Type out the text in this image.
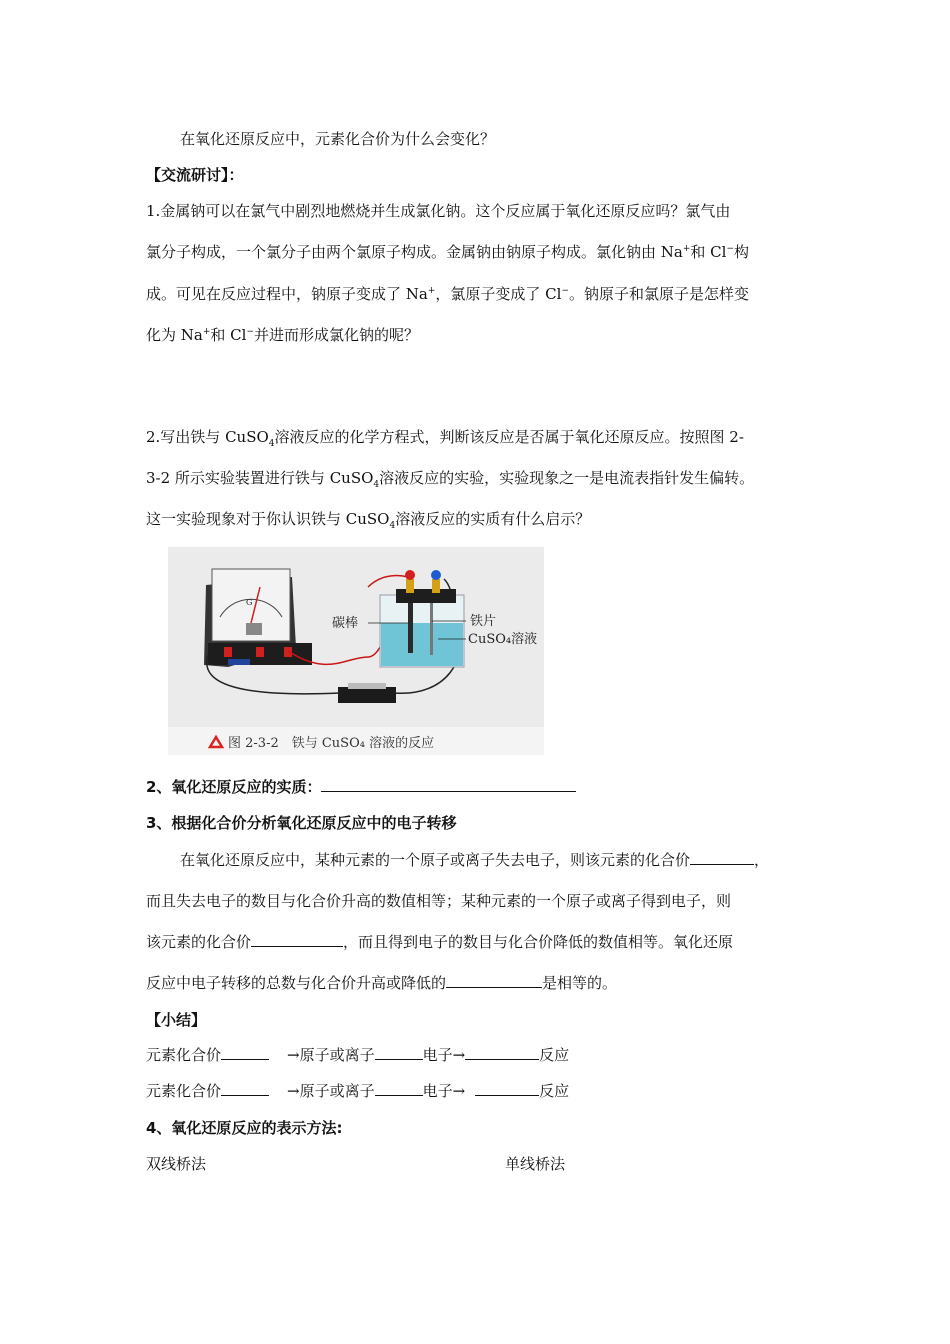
在氧化还原反应中，元素化合价为什么会变化？
【交流研讨】：
1.金属钠可以在氯气中剧烈地燃烧并生成氯化钠。这个反应属于氧化还原反应吗？氯气由
氯分子构成，一个氯分子由两个氯原子构成。金属钠由钠原子构成。氯化钠由 Na+和 Cl−构
成。可见在反应过程中，钠原子变成了 Na+，氯原子变成了 Cl−。钠原子和氯原子是怎样变
化为 Na+和 Cl−并进而形成氯化钠的呢？
2.写出铁与 CuSO$_4$溶液反应的化学方程式，判断该反应是否属于氧化还原反应。按照图 2-
3-2 所示实验装置进行铁与 CuSO$_4$溶液反应的实验，实验现象之一是电流表指针发生偏转。
这一实验现象对于你认识铁与 CuSO$_4$溶液反应的实质有什么启示？
G
碳棒	铁片
CuSO₄溶液
图 2-3-2　铁与 CuSO₄ 溶液的反应
2、氧化还原反应的实质：
3、根据化合价分析氧化还原反应中的电子转移
在氧化还原反应中，某种元素的一个原子或离子失去电子，则该元素的化合价	，
而且失去电子的数目与化合价升高的数值相等；某种元素的一个原子或离子得到电子，则
该元素的化合价	，而且得到电子的数目与化合价降低的数值相等。氧化还原
反应中电子转移的总数与化合价升高或降低的	是相等的。
【小结】
元素化合价	→原子或离子	电子→	反应
元素化合价	→原子或离子	电子→	反应
4、氧化还原反应的表示方法:
双线桥法	单线桥法
